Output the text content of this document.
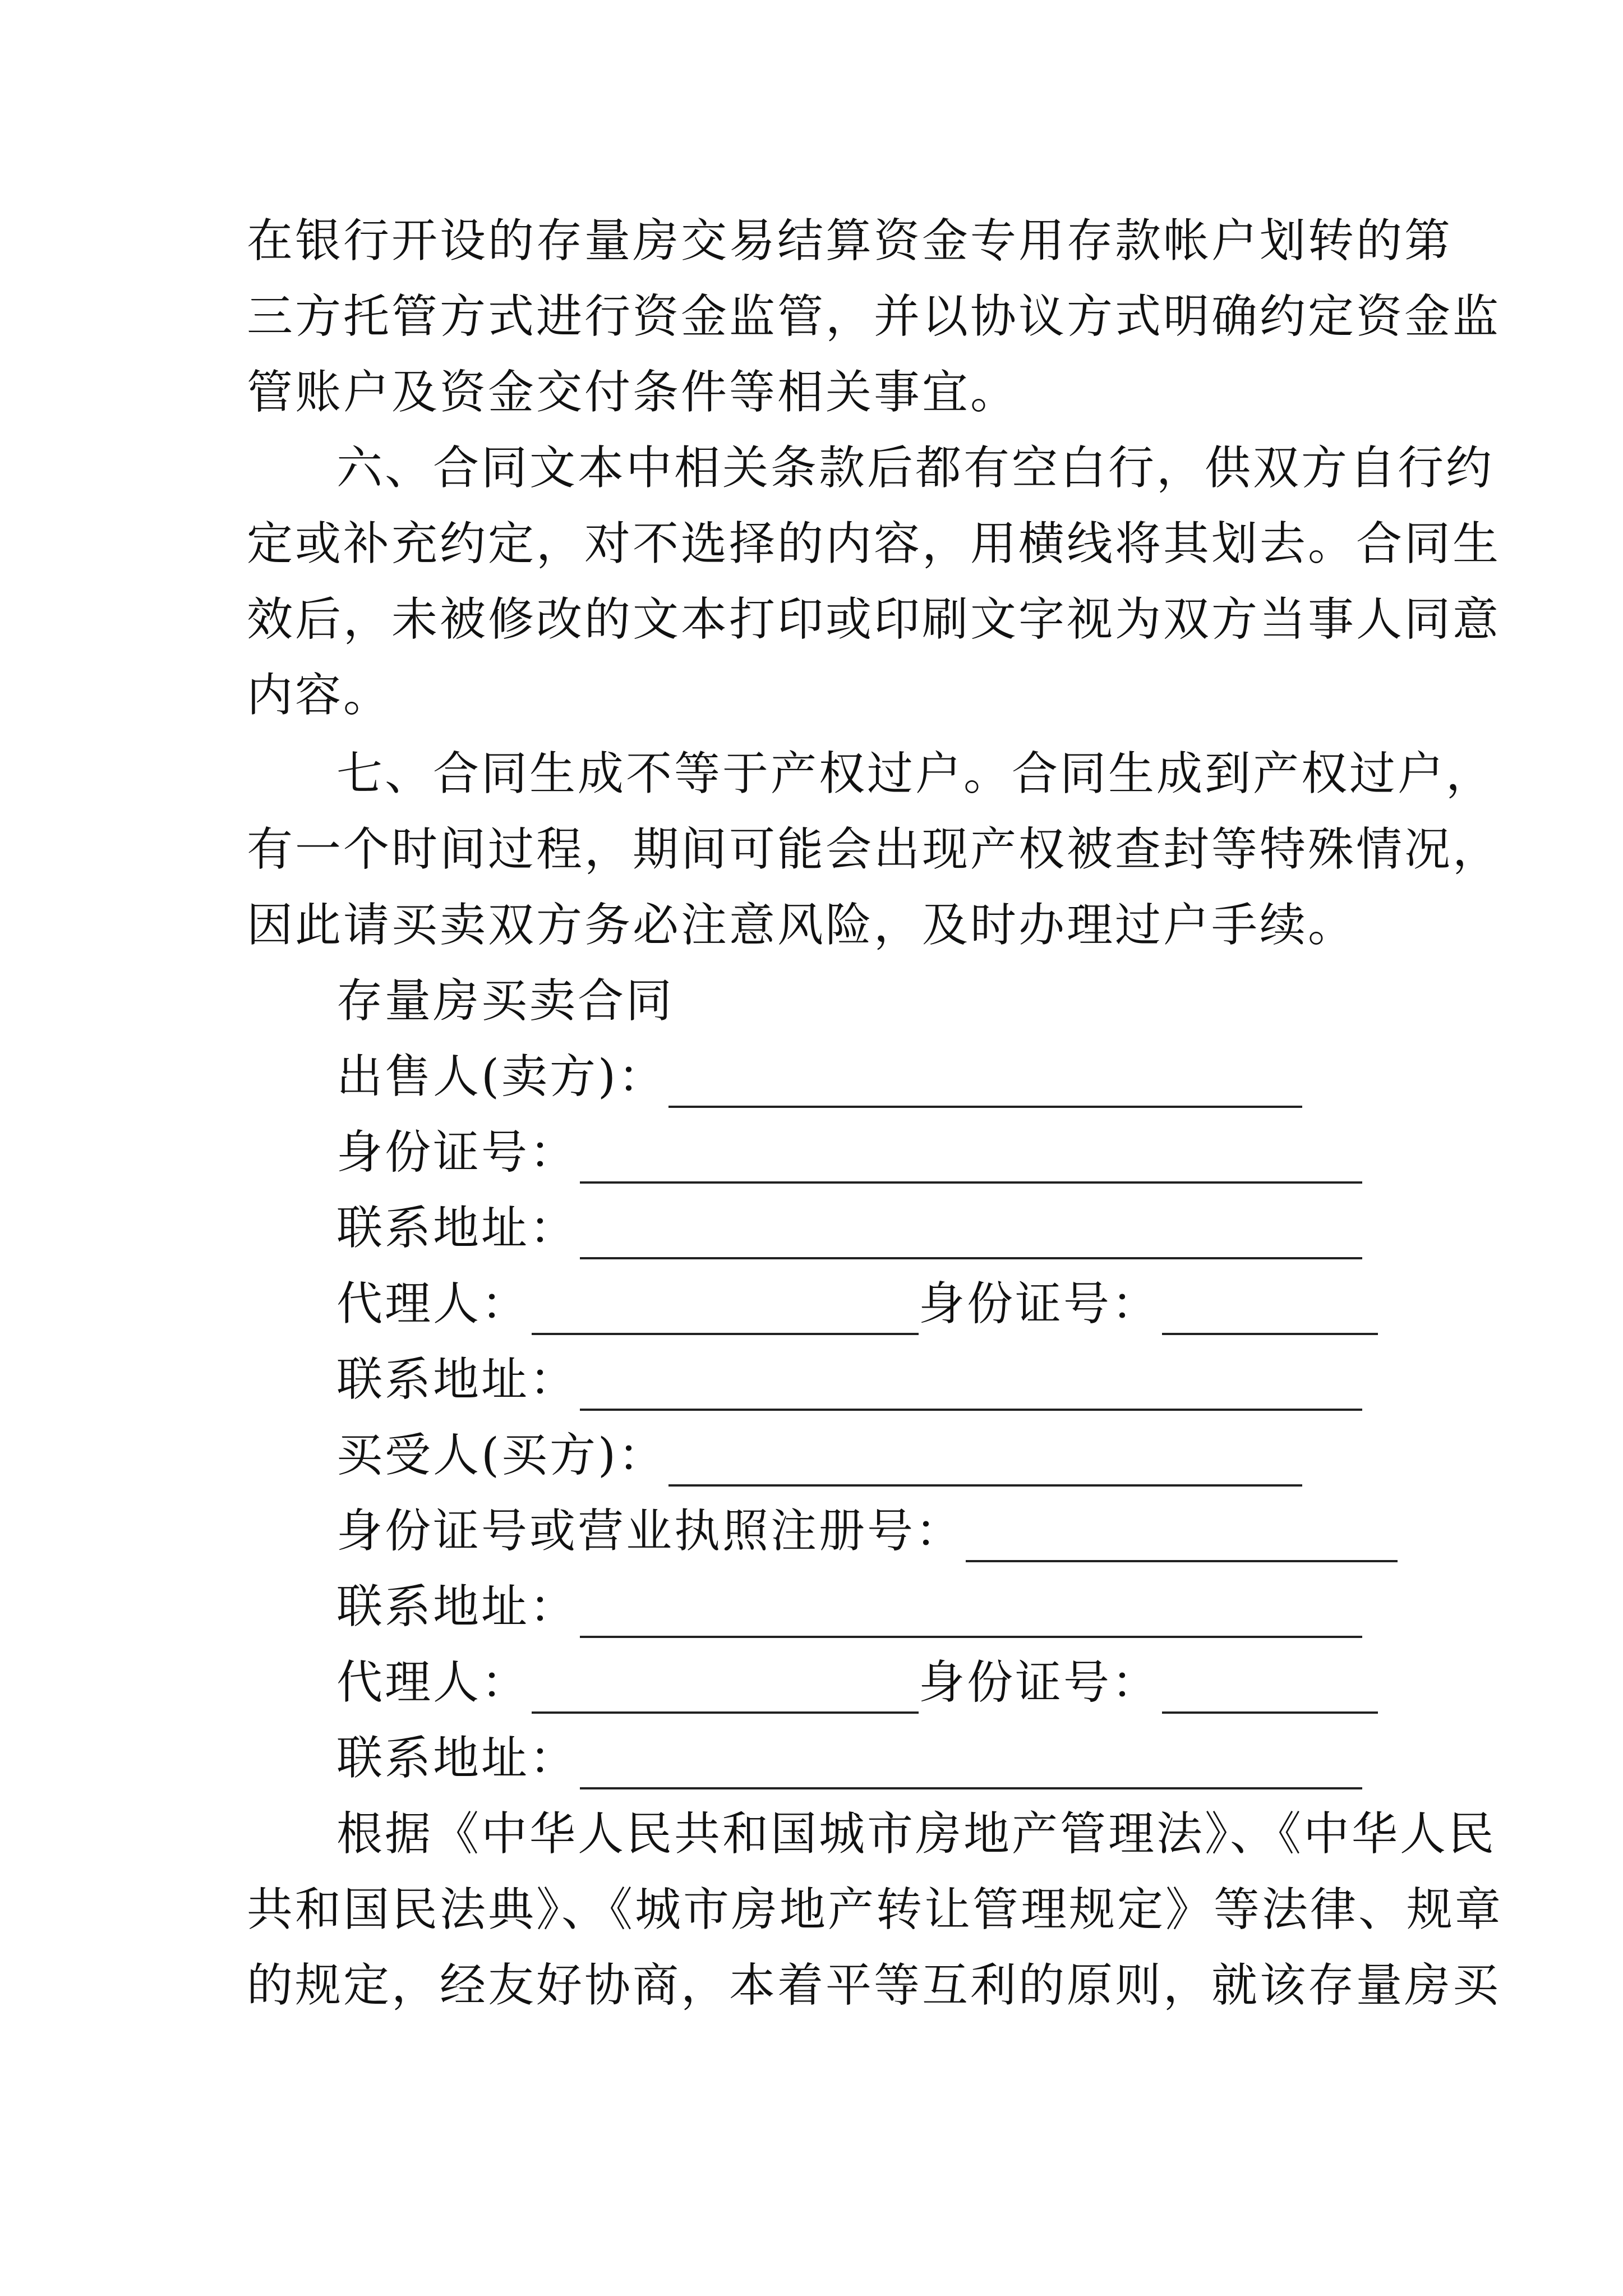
在银行开设的存量房交易结算资金专用存款帐户划转的第
三方托管方式进行资金监管，并以协议方式明确约定资金监
管账户及资金交付条件等相关事宜。
六、合同文本中相关条款后都有空白行，供双方自行约
定或补充约定，对不选择的内容，用横线将其划去。合同生
效后，未被修改的文本打印或印刷文字视为双方当事人同意
内容。
七、合同生成不等于产权过户。合同生成到产权过户，
有一个时间过程，期间可能会出现产权被查封等特殊情况，
因此请买卖双方务必注意风险，及时办理过户手续。
存量房买卖合同
出售人(卖方)：
身份证号：
联系地址：
代理人：	身份证号：
联系地址：
买受人(买方)：
身份证号或营业执照注册号：
联系地址：
代理人：	身份证号：
联系地址：
根据《中华人民共和国城市房地产管理法》、《中华人民
共和国民法典》、《城市房地产转让管理规定》等法律、规章
的规定，经友好协商，本着平等互利的原则，就该存量房买
